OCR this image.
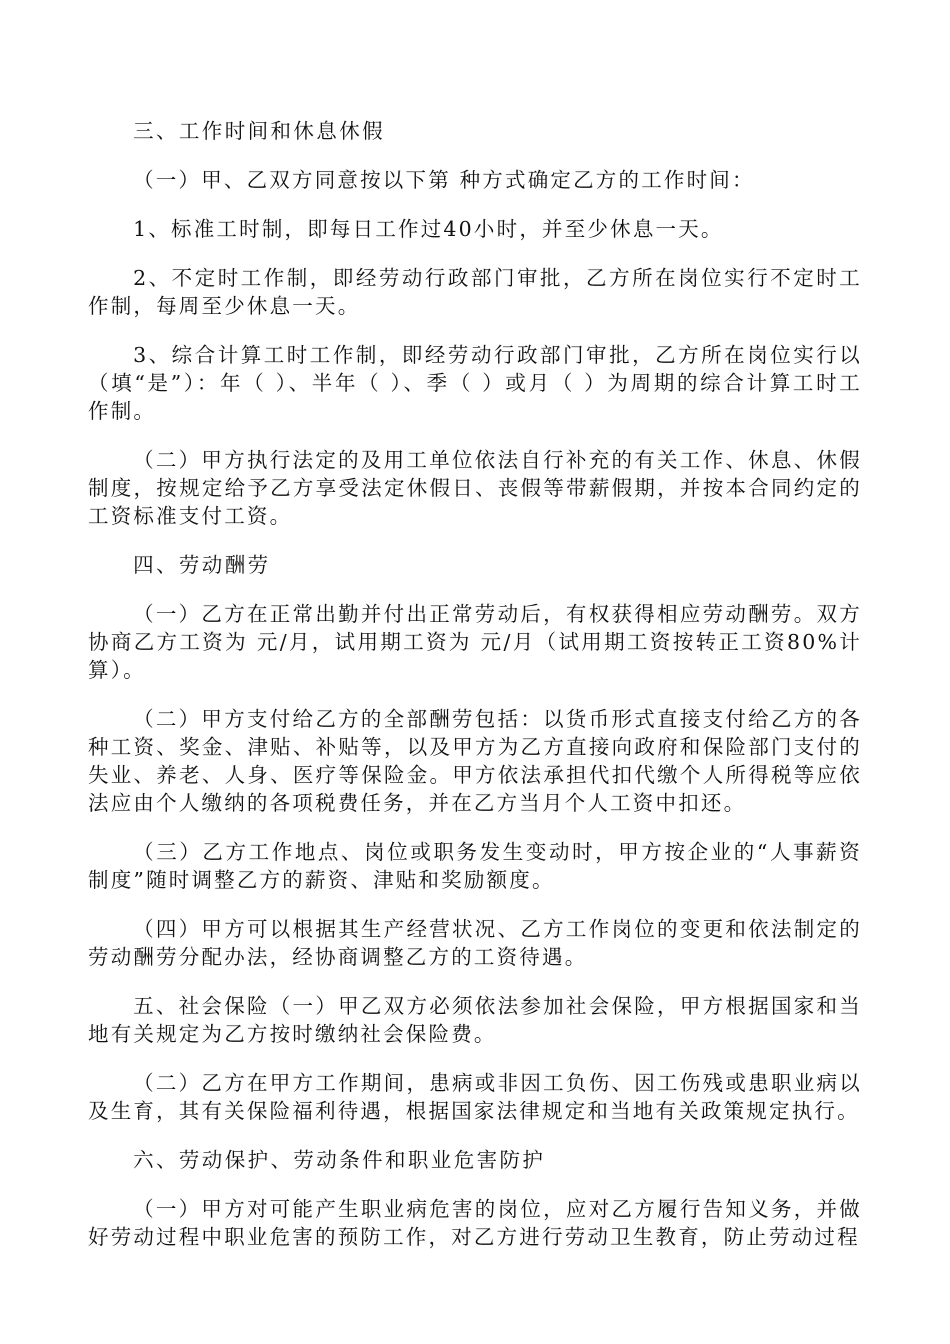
三、工作时间和休息休假

（一）甲、乙双方同意按以下第 种方式确定乙方的工作时间：

1、标准工时制，即每日工作过40小时，并至少休息一天。

2、不定时工作制，即经劳动行政部门审批，乙方所在岗位实行不定时工作制，每周至少休息一天。

3、综合计算工时工作制，即经劳动行政部门审批，乙方所在岗位实行以（填“是”）：年（ ）、半年（ ）、季（ ）或月（ ）为周期的综合计算工时工作制。

（二）甲方执行法定的及用工单位依法自行补充的有关工作、休息、休假制度，按规定给予乙方享受法定休假日、丧假等带薪假期，并按本合同约定的工资标准支付工资。

四、劳动酬劳

（一）乙方在正常出勤并付出正常劳动后，有权获得相应劳动酬劳。双方协商乙方工资为 元/月，试用期工资为 元/月（试用期工资按转正工资80%计算）。

（二）甲方支付给乙方的全部酬劳包括：以货币形式直接支付给乙方的各种工资、奖金、津贴、补贴等，以及甲方为乙方直接向政府和保险部门支付的失业、养老、人身、医疗等保险金。甲方依法承担代扣代缴个人所得税等应依法应由个人缴纳的各项税费任务，并在乙方当月个人工资中扣还。

（三）乙方工作地点、岗位或职务发生变动时，甲方按企业的“人事薪资制度”随时调整乙方的薪资、津贴和奖励额度。

（四）甲方可以根据其生产经营状况、乙方工作岗位的变更和依法制定的劳动酬劳分配办法，经协商调整乙方的工资待遇。

五、社会保险（一）甲乙双方必须依法参加社会保险，甲方根据国家和当地有关规定为乙方按时缴纳社会保险费。

（二）乙方在甲方工作期间，患病或非因工负伤、因工伤残或患职业病以及生育，其有关保险福利待遇，根据国家法律规定和当地有关政策规定执行。

六、劳动保护、劳动条件和职业危害防护

（一）甲方对可能产生职业病危害的岗位，应对乙方履行告知义务，并做好劳动过程中职业危害的预防工作，对乙方进行劳动卫生教育，防止劳动过程
